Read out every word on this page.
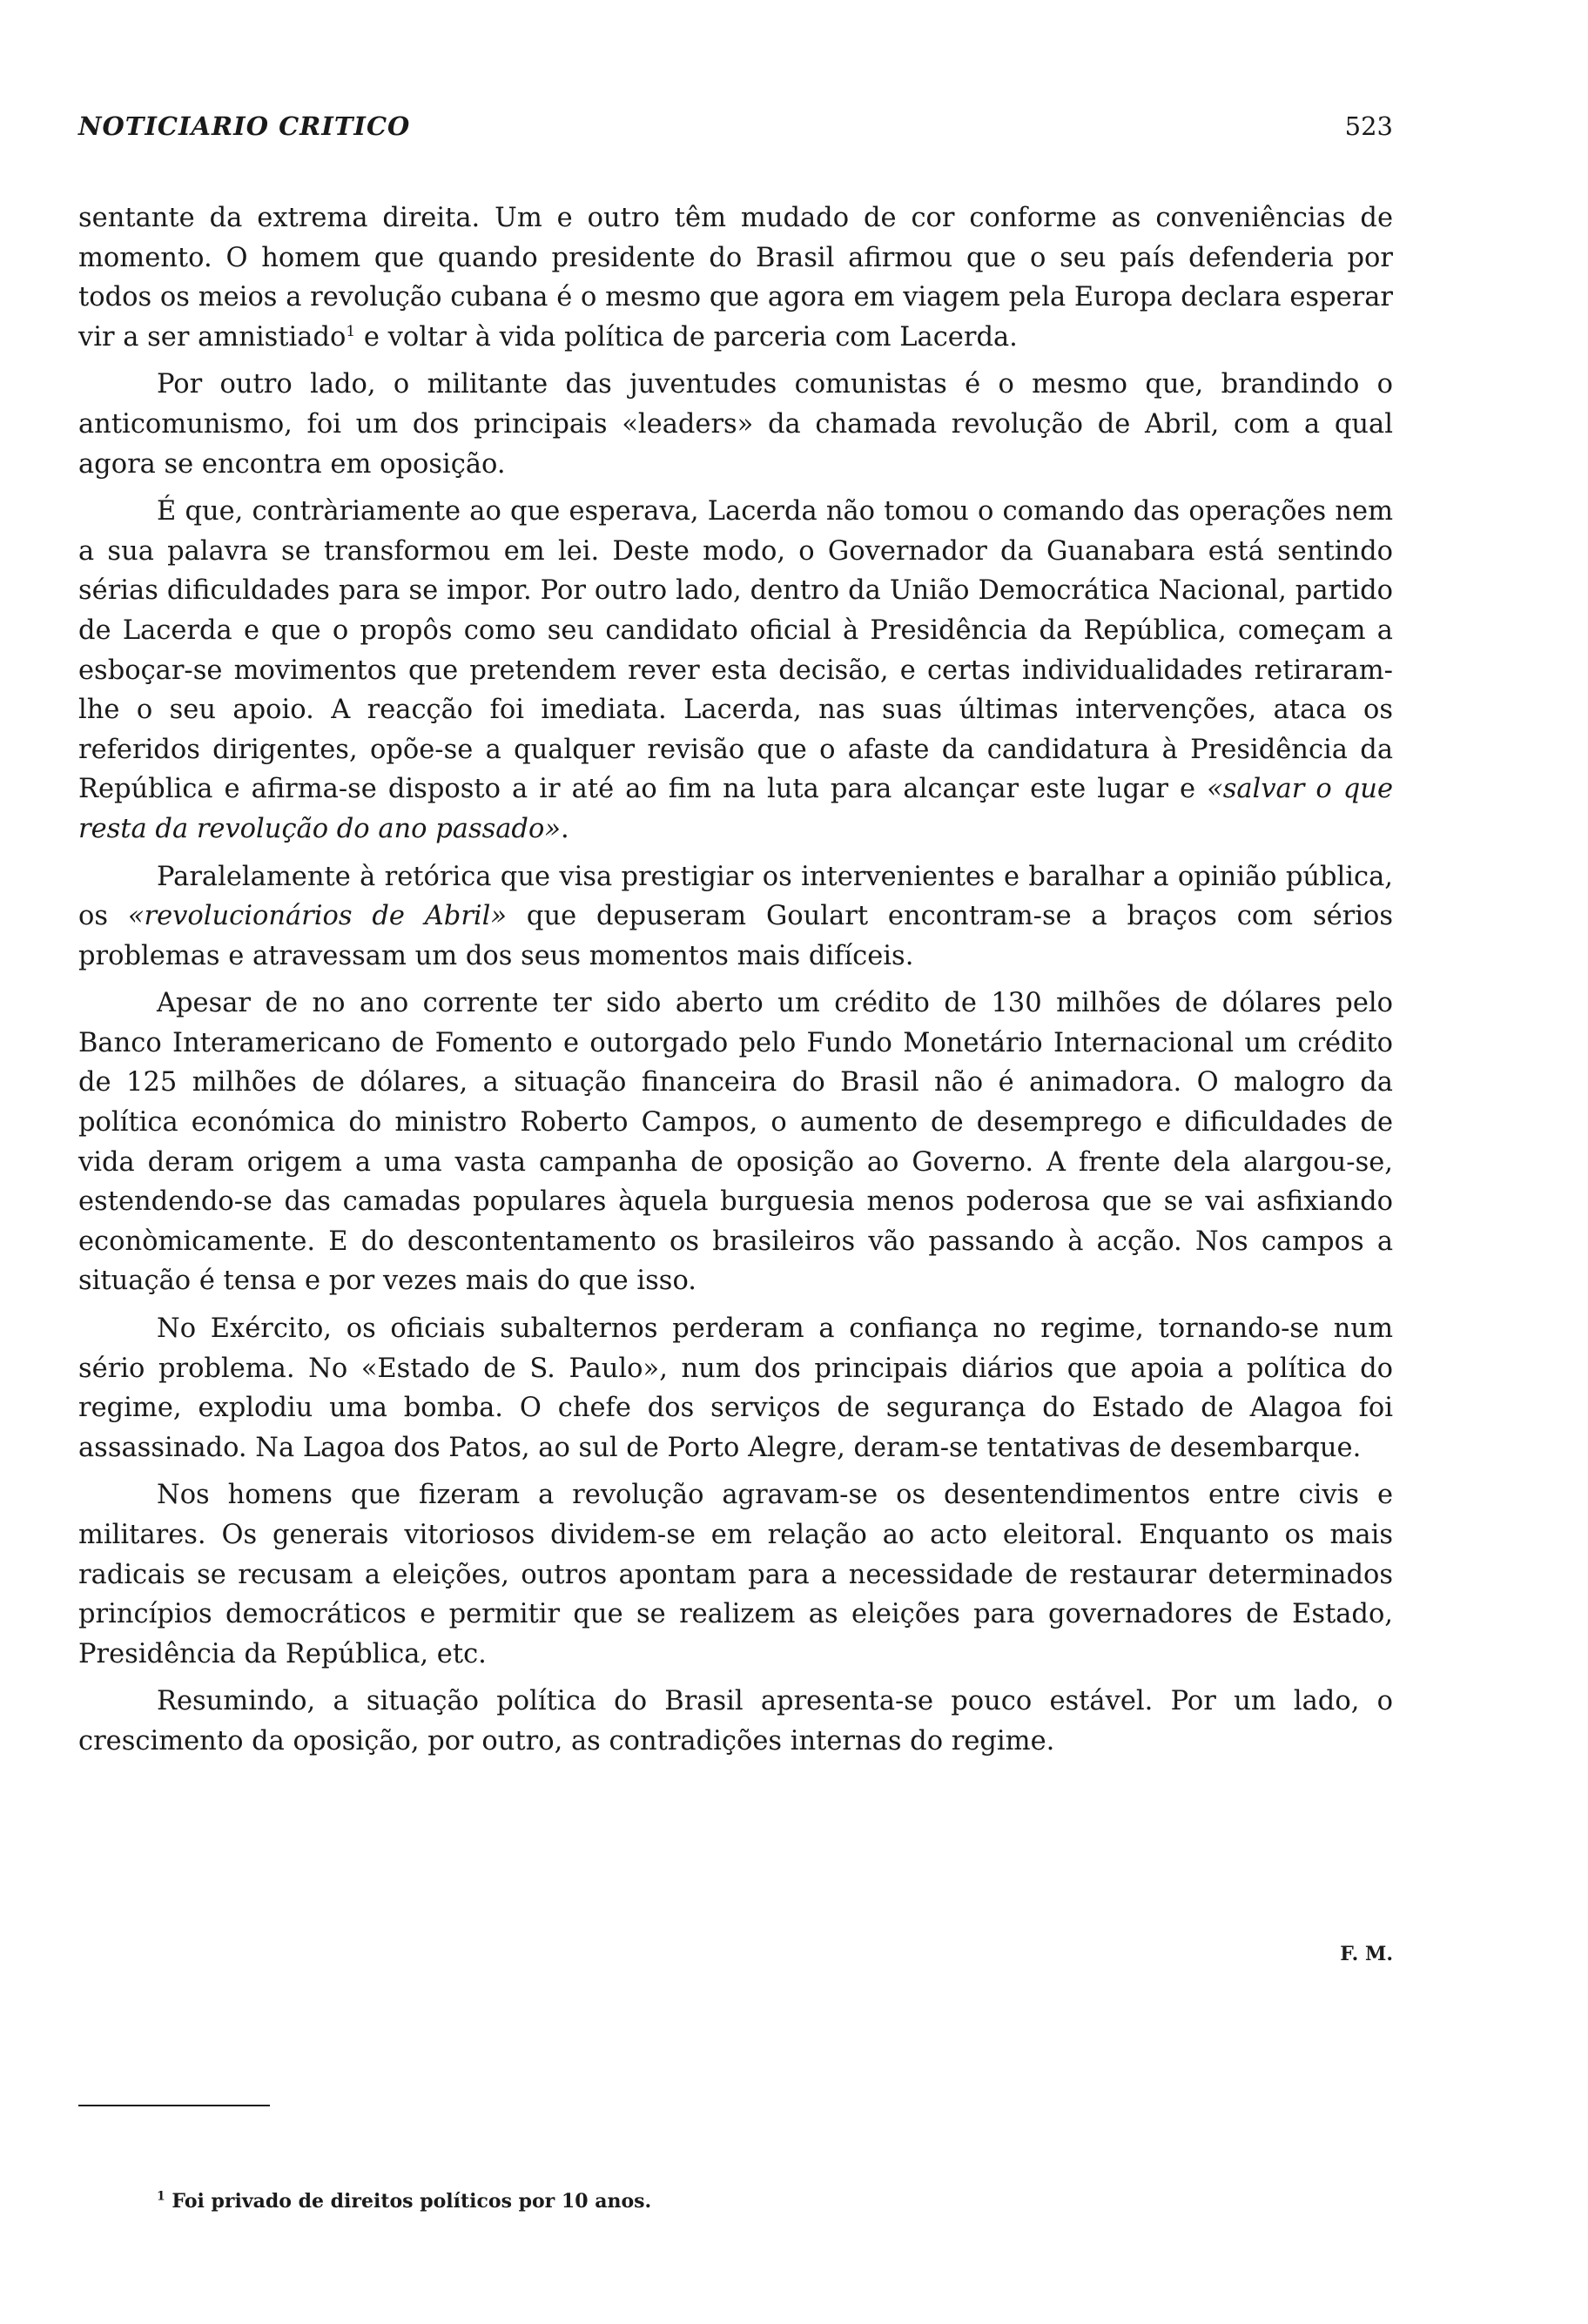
NOTICIARIO CRITICO	523

sentante da extrema direita. Um e outro têm mudado de cor conforme as conveniências de momento. O homem que quando presidente do Brasil afirmou que o seu país defenderia por todos os meios a revolução cubana é o mesmo que agora em viagem pela Europa declara esperar vir a ser amnistiado$^1$ e voltar à vida política de parceria com Lacerda.

Por outro lado, o militante das juventudes comunistas é o mesmo que, brandindo o anticomunismo, foi um dos principais «leaders» da chamada revolução de Abril, com a qual agora se encontra em oposição.

É que, contràriamente ao que esperava, Lacerda não tomou o comando das operações nem a sua palavra se transformou em lei. Deste modo, o Governador da Guanabara está sentindo sérias dificuldades para se impor. Por outro lado, dentro da União Democrática Nacional, partido de Lacerda e que o propôs como seu candidato oficial à Presidência da República, começam a esboçar-se movimentos que pretendem rever esta decisão, e certas individualidades retiraram-lhe o seu apoio. A reacção foi imediata. Lacerda, nas suas últimas intervenções, ataca os referidos dirigentes, opõe-se a qualquer revisão que o afaste da candidatura à Presidência da República e afirma-se disposto a ir até ao fim na luta para alcançar este lugar e «salvar o que resta da revolução do ano passado».

Paralelamente à retórica que visa prestigiar os intervenientes e baralhar a opinião pública, os «revolucionários de Abril» que depuseram Goulart encontram-se a braços com sérios problemas e atravessam um dos seus momentos mais difíceis.

Apesar de no ano corrente ter sido aberto um crédito de 130 milhões de dólares pelo Banco Interamericano de Fomento e outorgado pelo Fundo Monetário Internacional um crédito de 125 milhões de dólares, a situação financeira do Brasil não é animadora. O malogro da política económica do ministro Roberto Campos, o aumento de desemprego e dificuldades de vida deram origem a uma vasta campanha de oposição ao Governo. A frente dela alargou-se, estendendo-se das camadas populares àquela burguesia menos poderosa que se vai asfixiando econòmicamente. E do descontentamento os brasileiros vão passando à acção. Nos campos a situação é tensa e por vezes mais do que isso.

No Exército, os oficiais subalternos perderam a confiança no regime, tornando-se num sério problema. No «Estado de S. Paulo», num dos principais diários que apoia a política do regime, explodiu uma bomba. O chefe dos serviços de segurança do Estado de Alagoa foi assassinado. Na Lagoa dos Patos, ao sul de Porto Alegre, deram-se tentativas de desembarque.

Nos homens que fizeram a revolução agravam-se os desentendimentos entre civis e militares. Os generais vitoriosos dividem-se em relação ao acto eleitoral. Enquanto os mais radicais se recusam a eleições, outros apontam para a necessidade de restaurar determinados princípios democráticos e permitir que se realizem as eleições para governadores de Estado, Presidência da República, etc.

Resumindo, a situação política do Brasil apresenta-se pouco estável. Por um lado, o crescimento da oposição, por outro, as contradições internas do regime.

F. M.
$^1$ Foi privado de direitos políticos por 10 anos.
